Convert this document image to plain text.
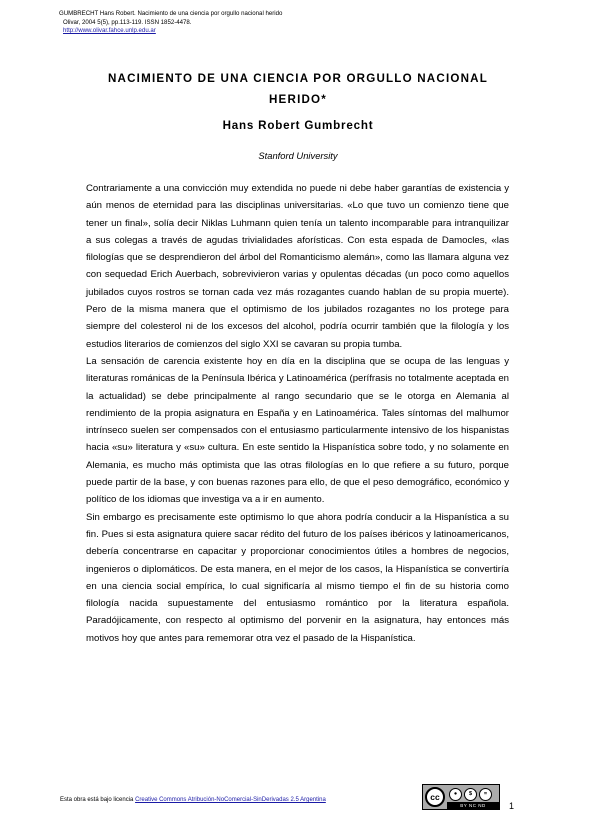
GUMBRECHT Hans Robert. Nacimiento de una ciencia por orgullo nacional herido
Olivar, 2004 5(5), pp.113-119. ISSN 1852-4478.
http://www.olivar.fahce.unlp.edu.ar
NACIMIENTO DE UNA CIENCIA POR ORGULLO NACIONAL HERIDO*
Hans Robert Gumbrecht
Stanford University

Contrariamente a una convicción muy extendida no puede ni debe haber garantías de existencia y aún menos de eternidad para las disciplinas universitarias. «Lo que tuvo un comienzo tiene que tener un final», solía decir Niklas Luhmann quien tenía un talento incomparable para intranquilizar a sus colegas a través de agudas trivialidades aforísticas. Con esta espada de Damocles, «las filologías que se desprendieron del árbol del Romanticismo alemán», como las llamara alguna vez con sequedad Erich Auerbach, sobrevivieron varias y opulentas décadas (un poco como aquellos jubilados cuyos rostros se tornan cada vez más rozagantes cuando hablan de su propia muerte). Pero de la misma manera que el optimismo de los jubilados rozagantes no los protege para siempre del colesterol ni de los excesos del alcohol, podría ocurrir también que la filología y los estudios literarios de comienzos del siglo XXI se cavaran su propia tumba.

La sensación de carencia existente hoy en día en la disciplina que se ocupa de las lenguas y literaturas románicas de la Península Ibérica y Latinoamérica (perífrasis no totalmente aceptada en la actualidad) se debe principalmente al rango secundario que se le otorga en Alemania al rendimiento de la propia asignatura en España y en Latinoamérica. Tales síntomas del malhumor intrínseco suelen ser compensados con el entusiasmo particularmente intensivo de los hispanistas hacia «su» literatura y «su» cultura. En este sentido la Hispanística sobre todo, y no solamente en Alemania, es mucho más optimista que las otras filologías en lo que refiere a su futuro, porque puede partir de la base, y con buenas razones para ello, de que el peso demográfico, económico y político de los idiomas que investiga va a ir en aumento.

Sin embargo es precisamente este optimismo lo que ahora podría conducir a la Hispanística a su fin. Pues si esta asignatura quiere sacar rédito del futuro de los países ibéricos y latinoamericanos, debería concentrarse en capacitar y proporcionar conocimientos útiles a hombres de negocios, ingenieros o diplomáticos. De esta manera, en el mejor de los casos, la Hispanística se convertiría en una ciencia social empírica, lo cual significaría al mismo tiempo el fin de su historia como filología nacida supuestamente del entusiasmo romántico por la literatura española. Paradójicamente, con respecto al optimismo del porvenir en la asignatura, hay entonces más motivos hoy que antes para rememorar otra vez el pasado de la Hispanística.

Esta obra está bajo licencia Creative Commons Atribución-NoComercial-SinDerivadas 2.5 Argentina	cc	●	$	=
BY NC ND	1
